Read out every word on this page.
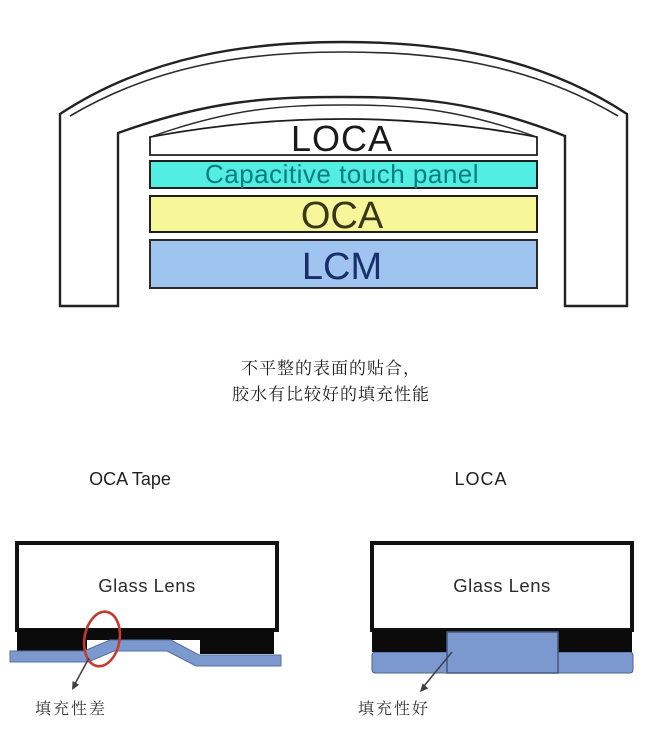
LOCA
Capacitive touch panel
OCA
LCM
不平整的表面的贴合，
胶水有比较好的填充性能
OCA Tape
Glass Lens
填充性差
LOCA
Glass Lens
填充性好
